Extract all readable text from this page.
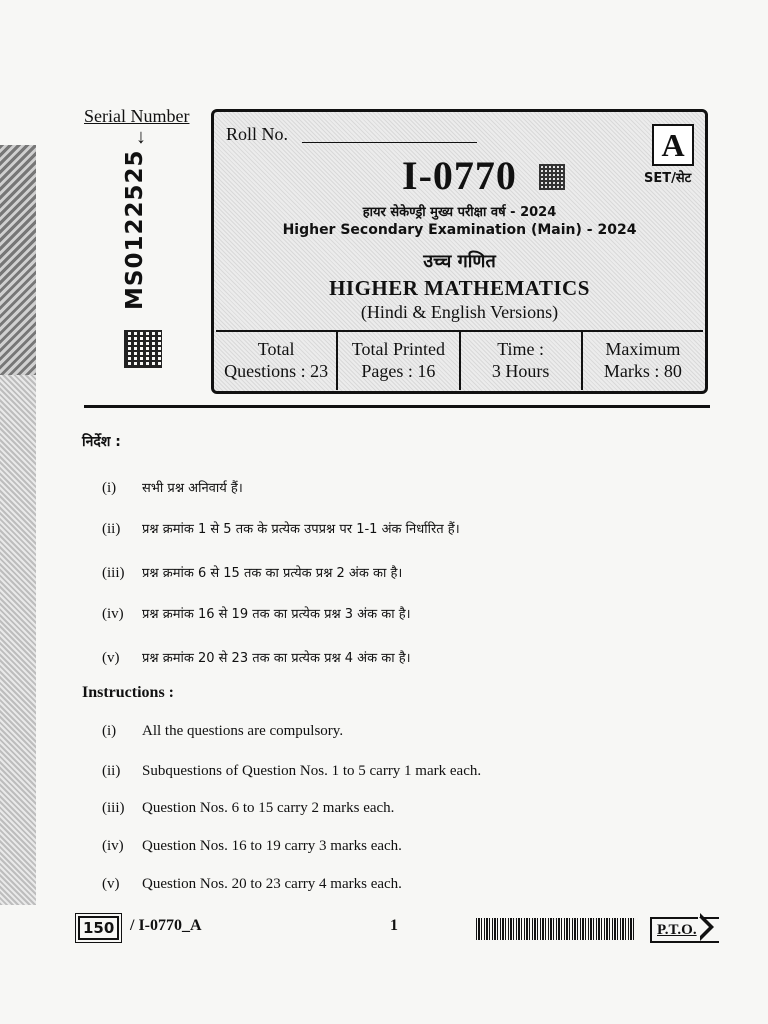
Serial Number
↓
MS0122525
Roll No.
I-0770
A
SET/सेट
हायर सेकेण्ड्री मुख्य परीक्षा वर्ष - 2024
Higher Secondary Examination (Main) - 2024
उच्च गणित
HIGHER MATHEMATICS
(Hindi & English Versions)
Total
Questions : 23
Total Printed
Pages : 16
Time :
3 Hours
Maximum
Marks : 80
निर्देश :
(i) सभी प्रश्न अनिवार्य हैं।
(ii) प्रश्न क्रमांक 1 से 5 तक के प्रत्येक उपप्रश्न पर 1-1 अंक निर्धारित हैं।
(iii) प्रश्न क्रमांक 6 से 15 तक का प्रत्येक प्रश्न 2 अंक का है।
(iv) प्रश्न क्रमांक 16 से 19 तक का प्रत्येक प्रश्न 3 अंक का है।
(v) प्रश्न क्रमांक 20 से 23 तक का प्रत्येक प्रश्न 4 अंक का है।
Instructions :
(i) All the questions are compulsory.
(ii) Subquestions of Question Nos. 1 to 5 carry 1 mark each.
(iii) Question Nos. 6 to 15 carry 2 marks each.
(iv) Question Nos. 16 to 19 carry 3 marks each.
(v) Question Nos. 20 to 23 carry 4 marks each.
150 / I-0770_A	1	P.T.O.
